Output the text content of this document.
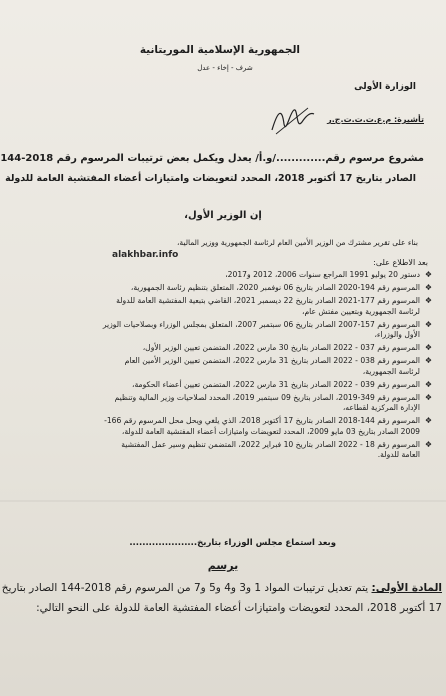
الجمهورية الإسلامية الموريتانية
شرف - إخاء - عدل
الوزارة الأولى
تأشيرة: م.ع.ت.ت.ت.ج.ر
مشروع مرسوم رقم............./و.أ/ يعدل ويكمل بعض ترتيبات المرسوم رقم 2018-144
الصادر بتاريخ 17 أكتوبر 2018، المحدد لتعويضات وامتيازات أعضاء المفتشية العامة للدولة
إن الوزير الأول،
بناء على تقرير مشترك من الوزير الأمين العام لرئاسة الجمهورية ووزير المالية،
alakhbar.info
بعد الاطلاع على:
❖ دستور 20 يوليو 1991 المراجع سنوات 2006، 2012 و2017،
❖ المرسوم رقم 194-2020 الصادر بتاريخ 06 نوفمبر 2020، المتعلق بتنظيم رئاسة الجمهورية،
❖ المرسوم رقم 177-2021 الصادر بتاريخ 22 ديسمبر 2021، القاضي بتبعية المفتشية العامة للدولة لرئاسة الجمهورية وبتعيين مفتش عام،
❖ المرسوم رقم 157-2007 الصادر بتاريخ 06 سبتمبر 2007، المتعلق بمجلس الوزراء وبصلاحيات الوزير الأول والوزراء،
❖ المرسوم رقم 037 - 2022 الصادر بتاريخ 30 مارس 2022، المتضمن تعيين الوزير الأول،
❖ المرسوم رقم 038 - 2022 الصادر بتاريخ 31 مارس 2022، المتضمن تعيين الوزير الأمين العام لرئاسة الجمهورية،
❖ المرسوم رقم 039 - 2022 الصادر بتاريخ 31 مارس 2022، المتضمن تعيين أعضاء الحكومة،
❖ المرسوم رقم 349-2019، الصادر بتاريخ 09 سبتمبر 2019، المحدد لصلاحيات وزير المالية وتنظيم الإدارة المركزية لقطاعه،
❖ المرسوم رقم 144-2018 الصادر بتاريخ 17 أكتوبر 2018، الذي يلغي ويحل محل المرسوم رقم 166-2009 الصادر بتاريخ 03 مايو 2009، المحدد لتعويضات وامتيازات أعضاء المفتشية العامة للدولة،
❖ المرسوم رقم 18 - 2022 الصادر بتاريخ 10 فبراير 2022، المتضمن تنظيم وسير عمل المفتشية العامة للدولة.
وبعد استماع مجلس الوزراء بتاريخ.....................
يرسم
المادة الأولى: يتم تعديل ترتيبات المواد 1 و3 و4 و5 و7 من المرسوم رقم 2018-144 الصادر بتاريخ 17 أكتوبر 2018، المحدد لتعويضات وامتيازات أعضاء المفتشية العامة للدولة على النحو التالي:
